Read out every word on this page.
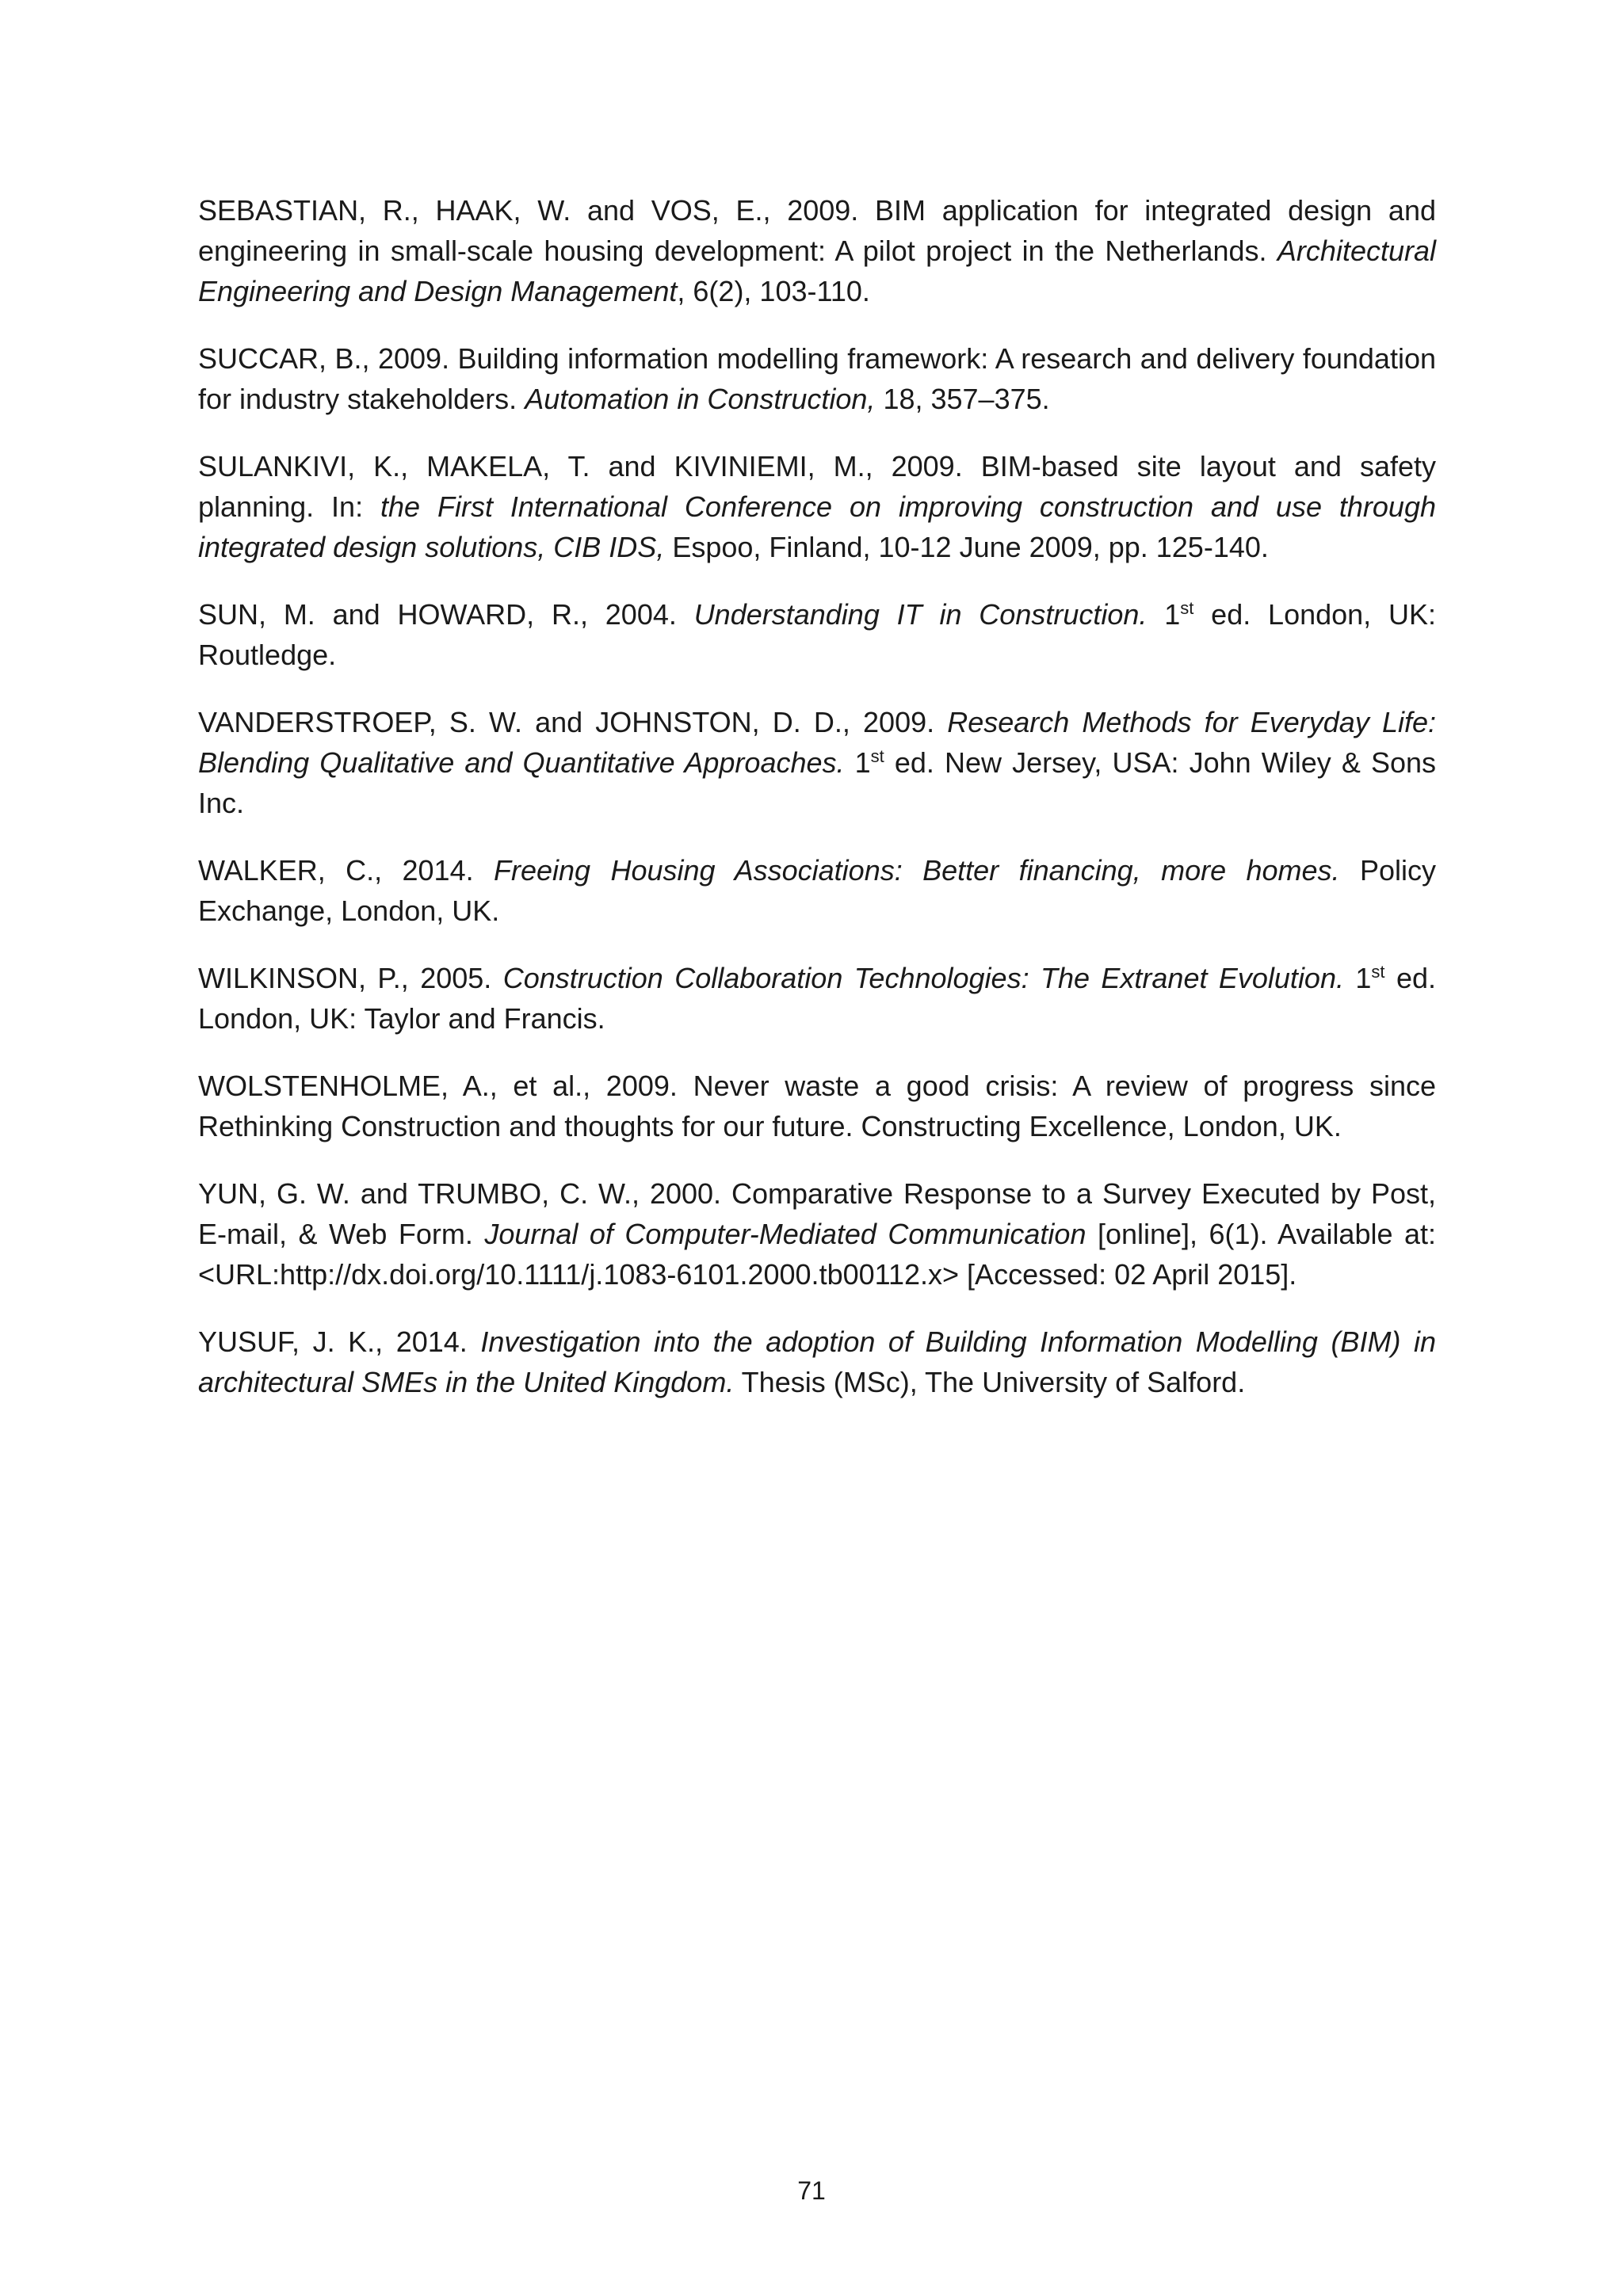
SEBASTIAN, R., HAAK, W. and VOS, E., 2009. BIM application for integrated design and engineering in small-scale housing development: A pilot project in the Netherlands. Architectural Engineering and Design Management, 6(2), 103-110.

SUCCAR, B., 2009. Building information modelling framework: A research and delivery foundation for industry stakeholders. Automation in Construction, 18, 357–375.

SULANKIVI, K., MAKELA, T. and KIVINIEMI, M., 2009. BIM-based site layout and safety planning. In: the First International Conference on improving construction and use through integrated design solutions, CIB IDS, Espoo, Finland, 10-12 June 2009, pp. 125-140.

SUN, M. and HOWARD, R., 2004. Understanding IT in Construction. 1st ed. London, UK: Routledge.

VANDERSTROEP, S. W. and JOHNSTON, D. D., 2009. Research Methods for Everyday Life: Blending Qualitative and Quantitative Approaches. 1st ed. New Jersey, USA: John Wiley & Sons Inc.

WALKER, C., 2014. Freeing Housing Associations: Better financing, more homes. Policy Exchange, London, UK.

WILKINSON, P., 2005. Construction Collaboration Technologies: The Extranet Evolution. 1st ed. London, UK: Taylor and Francis.

WOLSTENHOLME, A., et al., 2009. Never waste a good crisis: A review of progress since Rethinking Construction and thoughts for our future. Constructing Excellence, London, UK.

YUN, G. W. and TRUMBO, C. W., 2000. Comparative Response to a Survey Executed by Post, E-mail, & Web Form. Journal of Computer-Mediated Communication [online], 6(1). Available at: <URL:http://dx.doi.org/10.1111/j.1083-6101.2000.tb00112.x> [Accessed: 02 April 2015].

YUSUF, J. K., 2014. Investigation into the adoption of Building Information Modelling (BIM) in architectural SMEs in the United Kingdom. Thesis (MSc), The University of Salford.

71
